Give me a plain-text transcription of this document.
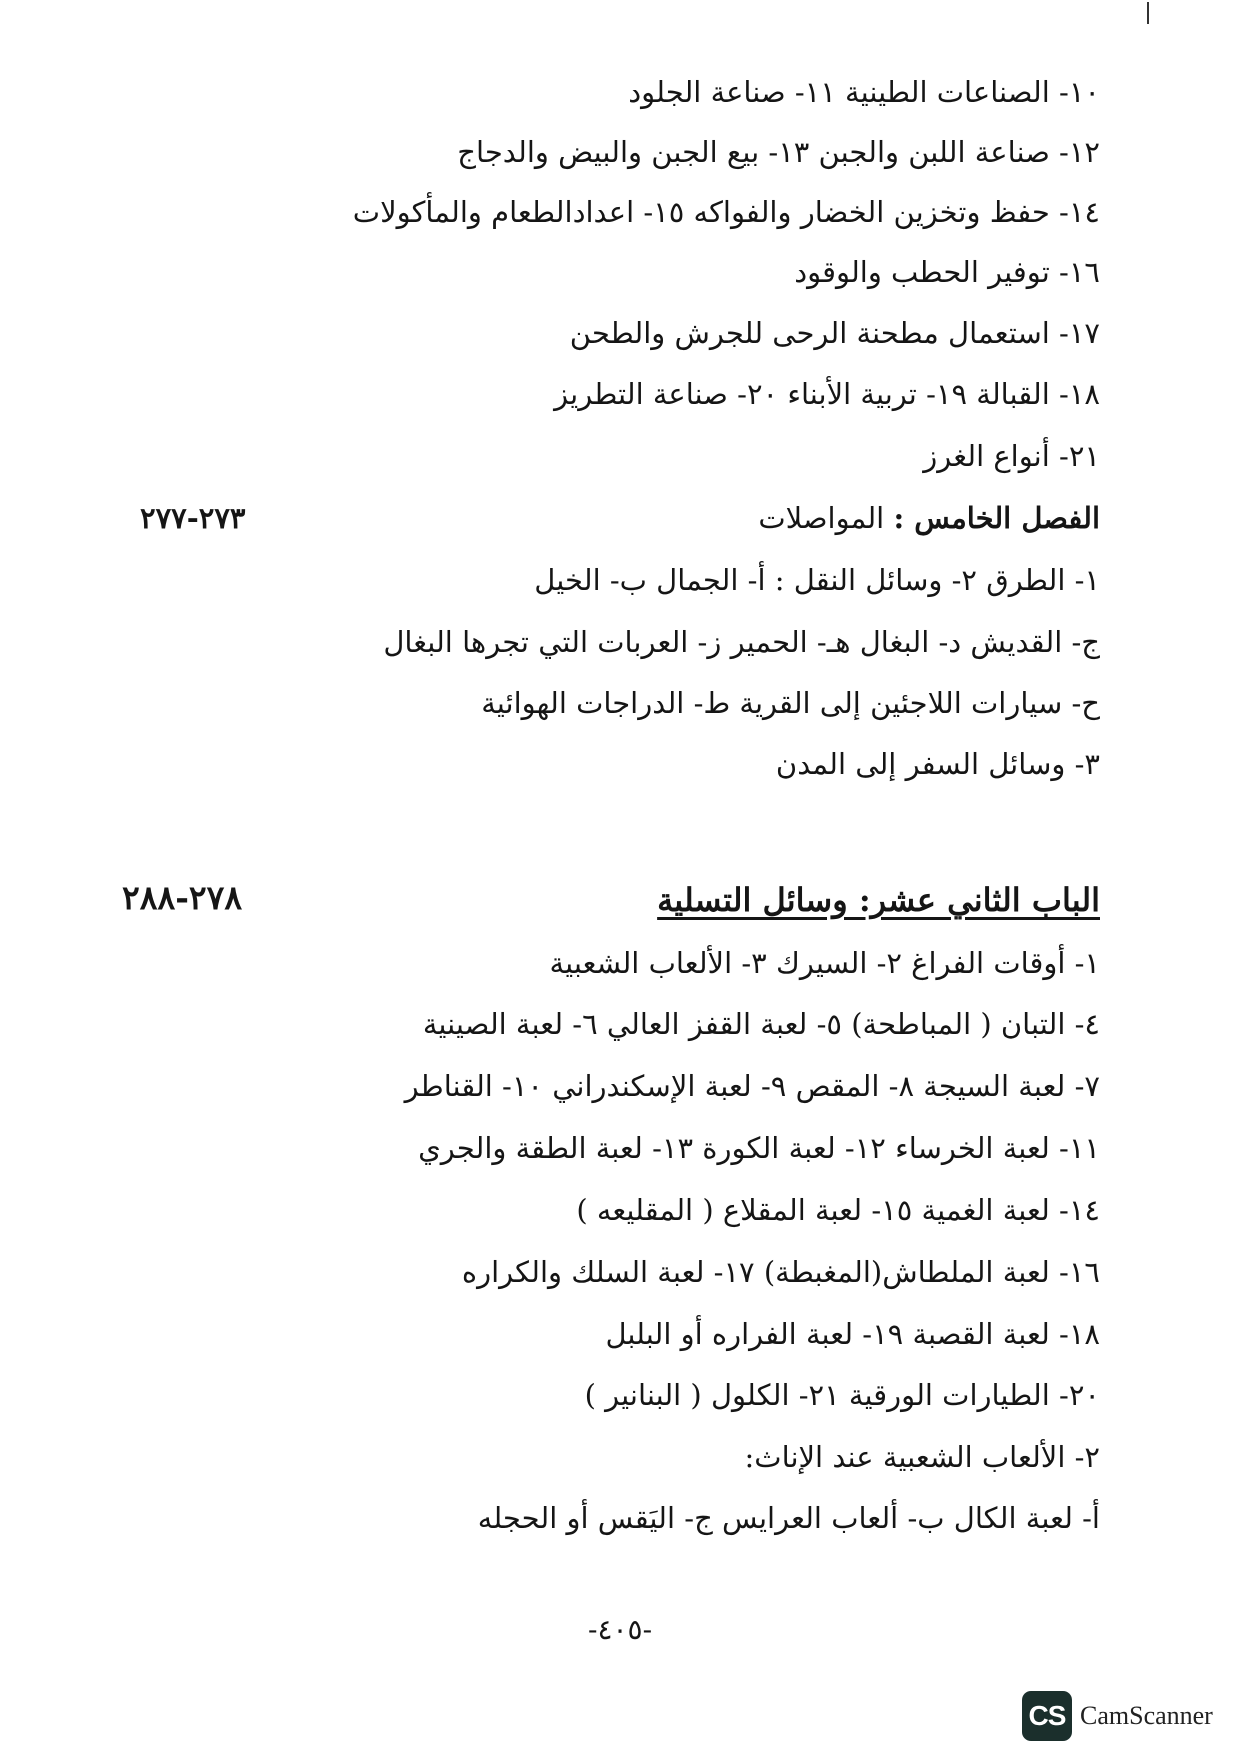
١٠- الصناعات الطينية ١١- صناعة الجلود

١٢- صناعة اللبن والجبن ١٣- بيع الجبن والبيض والدجاج

١٤- حفظ وتخزين الخضار والفواكه ١٥- اعدادالطعام والمأكولات

١٦- توفير الحطب والوقود

١٧- استعمال مطحنة الرحى للجرش والطحن

١٨- القبالة ١٩- تربية الأبناء ٢٠- صناعة التطريز

٢١- أنواع الغرز

الفصل الخامس : المواصلات

٢٧٣-٢٧٧

١- الطرق ٢- وسائل النقل : أ- الجمال ب- الخيل

ج- القديش د- البغال هـ- الحمير ز- العربات التي تجرها البغال

ح- سيارات اللاجئين إلى القرية ط- الدراجات الهوائية

٣- وسائل السفر إلى المدن

الباب الثاني عشر: وسائل التسلية

٢٧٨-٢٨٨

١- أوقات الفراغ ٢- السيرك ٣- الألعاب الشعبية

٤- التبان ( المباطحة) ٥- لعبة القفز العالي ٦- لعبة الصينية

٧- لعبة السيجة ٨- المقص ٩- لعبة الإسكندراني ١٠- القناطر

١١- لعبة الخرساء ١٢- لعبة الكورة ١٣- لعبة الطقة والجري

١٤- لعبة الغمية ١٥- لعبة المقلاع ( المقليعه )

١٦- لعبة الملطاش(المغبطة) ١٧- لعبة السلك والكراره

١٨- لعبة القصبة ١٩- لعبة الفراره أو البلبل

٢٠- الطيارات الورقية ٢١- الكلول ( البنانير )

٢- الألعاب الشعبية عند الإناث:

أ- لعبة الكال ب- ألعاب العرايس ج- اليَقس أو الحجله

-٤٠٥-

CS CamScanner
